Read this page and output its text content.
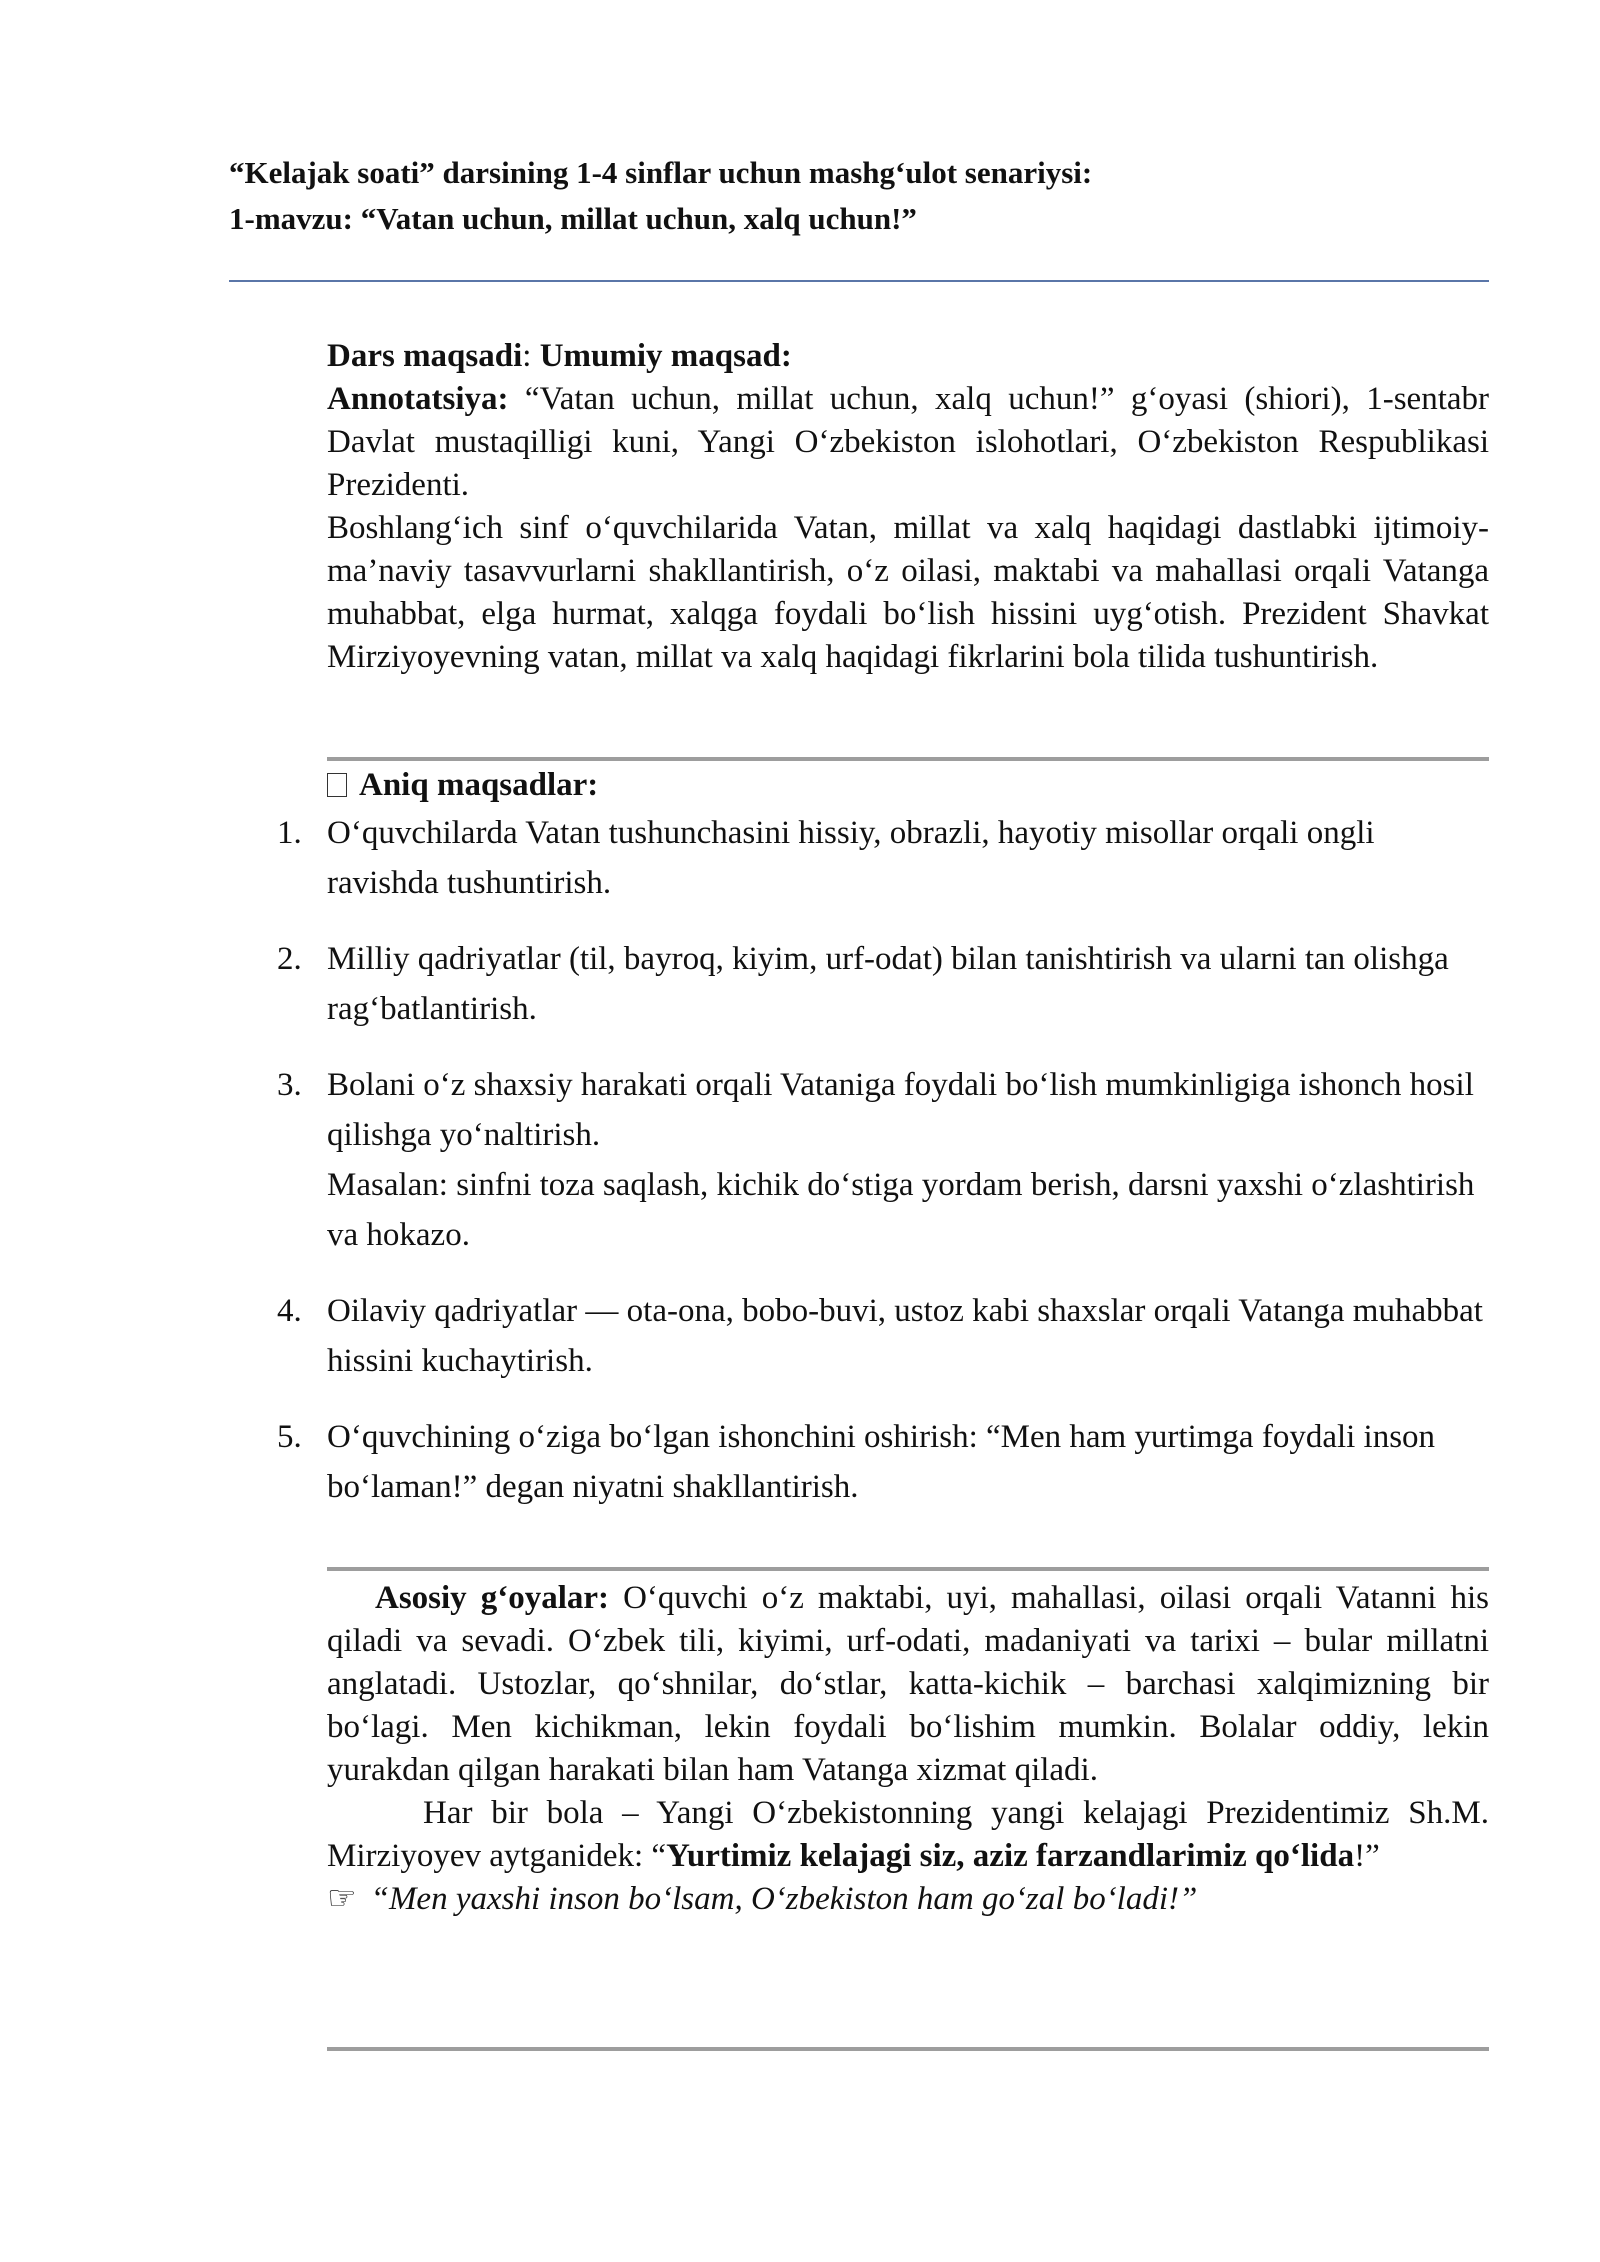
“Kelajak soati” darsining 1-4 sinflar uchun mashg‘ulot senariysi:
1-mavzu: “Vatan uchun, millat uchun, xalq uchun!”
Dars maqsadi: Umumiy maqsad:
Annotatsiya: “Vatan uchun, millat uchun, xalq uchun!” g‘oyasi (shiori), 1-sentabr Davlat mustaqilligi kuni, Yangi O‘zbekiston islohotlari, O‘zbekiston Respublikasi Prezidenti.
Boshlang‘ich sinf o‘quvchilarida Vatan, millat va xalq haqidagi dastlabki ijtimoiy-ma’naviy tasavvurlarni shakllantirish, o‘z oilasi, maktabi va mahallasi orqali Vatanga muhabbat, elga hurmat, xalqga foydali bo‘lish hissini uyg‘otish. Prezident Shavkat Mirziyoyevning vatan, millat va xalq haqidagi fikrlarini bola tilida tushuntirish.
Aniq maqsadlar:
1. O‘quvchilarda Vatan tushunchasini hissiy, obrazli, hayotiy misollar orqali ongli ravishda tushuntirish.
2. Milliy qadriyatlar (til, bayroq, kiyim, urf-odat) bilan tanishtirish va ularni tan olishga rag‘batlantirish.
3. Bolani o‘z shaxsiy harakati orqali Vataniga foydali bo‘lish mumkinligiga ishonch hosil qilishga yo‘naltirish.
Masalan: sinfni toza saqlash, kichik do‘stiga yordam berish, darsni yaxshi o‘zlashtirish va hokazo.
4. Oilaviy qadriyatlar — ota-ona, bobo-buvi, ustoz kabi shaxslar orqali Vatanga muhabbat hissini kuchaytirish.
5. O‘quvchining o‘ziga bo‘lgan ishonchini oshirish: “Men ham yurtimga foydali inson bo‘laman!” degan niyatni shakllantirish.

Asosiy g‘oyalar: O‘quvchi o‘z maktabi, uyi, mahallasi, oilasi orqali Vatanni his qiladi va sevadi. O‘zbek tili, kiyimi, urf-odati, madaniyati va tarixi – bular millatni anglatadi. Ustozlar, qo‘shnilar, do‘stlar, katta-kichik – barchasi xalqimizning bir bo‘lagi. Men kichikman, lekin foydali bo‘lishim mumkin. Bolalar oddiy, lekin yurakdan qilgan harakati bilan ham Vatanga xizmat qiladi.

Har bir bola – Yangi O‘zbekistonning yangi kelajagi Prezidentimiz Sh.M. Mirziyoyev aytganidek: “Yurtimiz kelajagi siz, aziz farzandlarimiz qo‘lida!”

☞ “Men yaxshi inson bo‘lsam, O‘zbekiston ham go‘zal bo‘ladi!”
